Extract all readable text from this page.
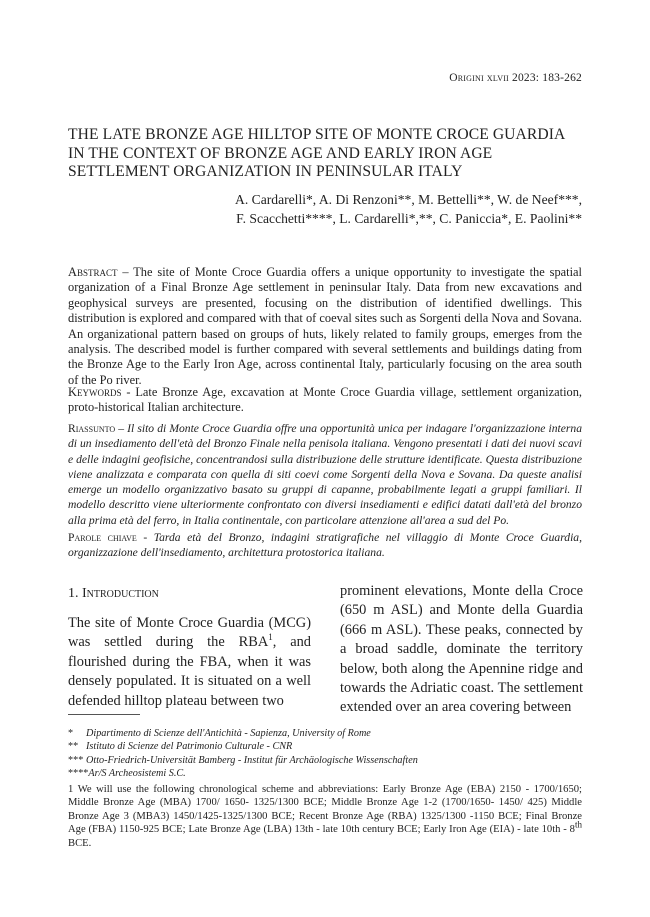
Origini xlvii 2023: 183-262
THE LATE BRONZE AGE HILLTOP SITE OF MONTE CROCE GUARDIA
IN THE CONTEXT OF BRONZE AGE AND EARLY IRON AGE
SETTLEMENT ORGANIZATION IN PENINSULAR ITALY
A. Cardarelli*, A. Di Renzoni**, M. Bettelli**, W. de Neef***,
F. Scacchetti****, L. Cardarelli*,**, C. Paniccia*, E. Paolini**

Abstract – The site of Monte Croce Guardia offers a unique opportunity to investigate the spatial organization of a Final Bronze Age settlement in peninsular Italy. Data from new excavations and geophysical surveys are presented, focusing on the distribution of identified dwellings. This distribution is explored and compared with that of coeval sites such as Sorgenti della Nova and Sovana. An organizational pattern based on groups of huts, likely related to family groups, emerges from the analysis. The described model is further compared with several settlements and buildings dating from the Bronze Age to the Early Iron Age, across continental Italy, particularly focusing on the area south of the Po river.

Keywords - Late Bronze Age, excavation at Monte Croce Guardia village, settlement organization, proto-historical Italian architecture.

Riassunto – Il sito di Monte Croce Guardia offre una opportunità unica per indagare l'organizzazione interna di un insediamento dell'età del Bronzo Finale nella penisola italiana. Vengono presentati i dati dei nuovi scavi e delle indagini geofisiche, concentrandosi sulla distribuzione delle strutture identificate. Questa distribuzione viene analizzata e comparata con quella di siti coevi come Sorgenti della Nova e Sovana. Da queste analisi emerge un modello organizzativo basato su gruppi di capanne, probabilmente legati a gruppi familiari. Il modello descritto viene ulteriormente confrontato con diversi insediamenti e edifici datati dall'età del bronzo alla prima età del ferro, in Italia continentale, con particolare attenzione all'area a sud del Po.

Parole chiave - Tarda età del Bronzo, indagini stratigrafiche nel villaggio di Monte Croce Guardia, organizzazione dell'insediamento, architettura protostorica italiana.

1. Introduction

The site of Monte Croce Guardia (MCG) was settled during the RBA$^1$, and flourished during the FBA, when it was densely populated. It is situated on a well defended hilltop plateau between two

prominent elevations, Monte della Croce (650 m ASL) and Monte della Guardia (666 m ASL). These peaks, connected by a broad saddle, dominate the territory below, both along the Apennine ridge and towards the Adriatic coast. The settlement extended over an area covering between

* Dipartimento di Scienze dell'Antichità - Sapienza, University of Rome
** Istituto di Scienze del Patrimonio Culturale - CNR
*** Otto-Friedrich-Universität Bamberg - Institut für Archäologische Wissenschaften
****Ar/S Archeosistemi S.C.
1 We will use the following chronological scheme and abbreviations: Early Bronze Age (EBA) 2150 - 1700/1650; Middle Bronze Age (MBA) 1700/ 1650- 1325/1300 BCE; Middle Bronze Age 1-2 (1700/1650- 1450/ 425) Middle Bronze Age 3 (MBA3) 1450/1425-1325/1300 BCE; Recent Bronze Age (RBA) 1325/1300 -1150 BCE; Final Bronze Age (FBA) 1150-925 BCE; Late Bronze Age (LBA) 13th - late 10th century BCE; Early Iron Age (EIA) - late 10th - 8th BCE.
